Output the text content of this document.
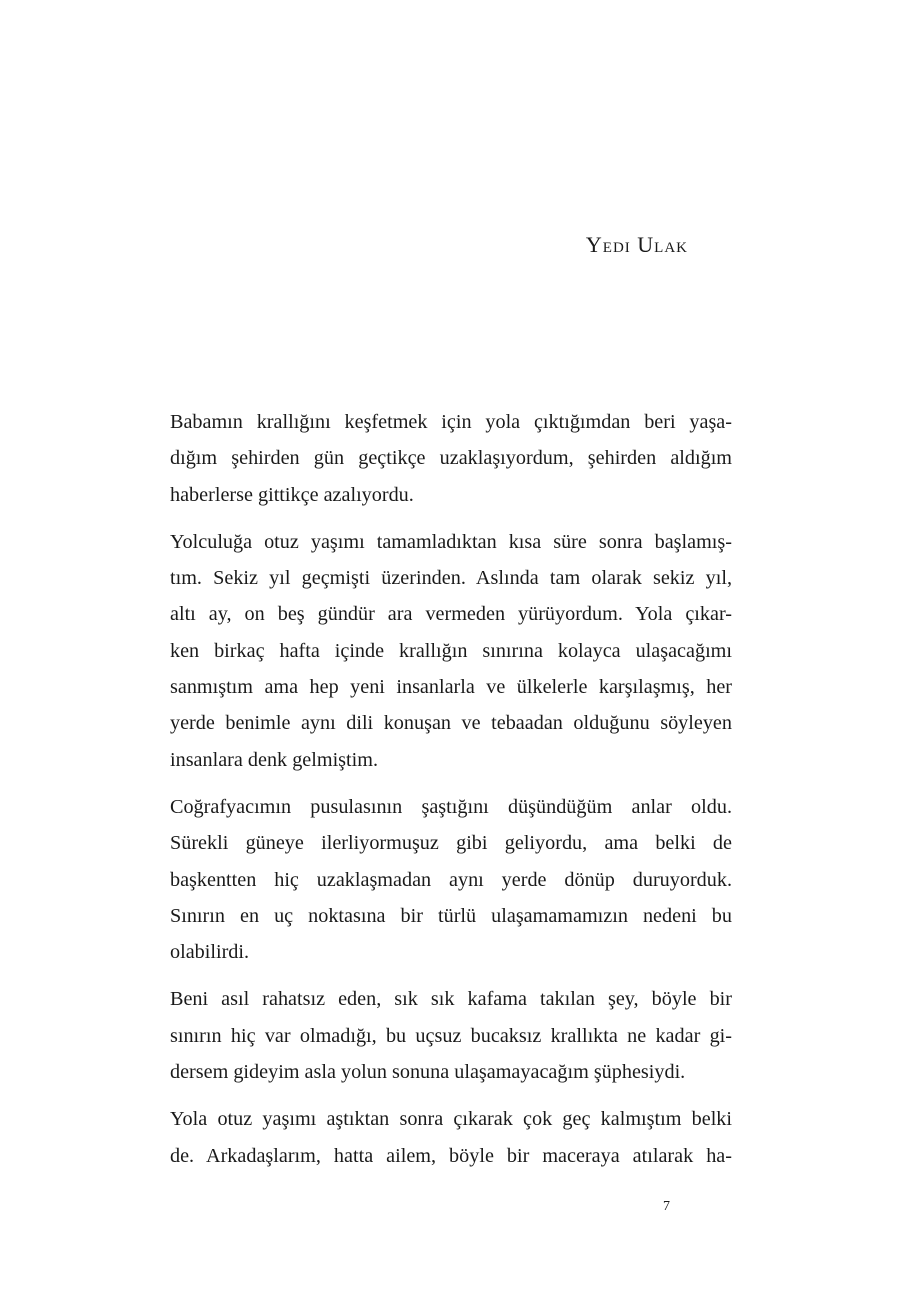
Yedi Ulak
Babamın krallığını keşfetmek için yola çıktığımdan beri yaşa-
dığım şehirden gün geçtikçe uzaklaşıyordum, şehirden aldığım
haberlerse gittikçe azalıyordu.
Yolculuğa otuz yaşımı tamamladıktan kısa süre sonra başlamış-
tım. Sekiz yıl geçmişti üzerinden. Aslında tam olarak sekiz yıl,
altı ay, on beş gündür ara vermeden yürüyordum. Yola çıkar-
ken birkaç hafta içinde krallığın sınırına kolayca ulaşacağımı
sanmıştım ama hep yeni insanlarla ve ülkelerle karşılaşmış, her
yerde benimle aynı dili konuşan ve tebaadan olduğunu söyleyen
insanlara denk gelmiştim.
Coğrafyacımın pusulasının şaştığını düşündüğüm anlar oldu.
Sürekli güneye ilerliyormuşuz gibi geliyordu, ama belki de
başkentten hiç uzaklaşmadan aynı yerde dönüp duruyorduk.
Sınırın en uç noktasına bir türlü ulaşamamamızın nedeni bu
olabilirdi.
Beni asıl rahatsız eden, sık sık kafama takılan şey, böyle bir
sınırın hiç var olmadığı, bu uçsuz bucaksız krallıkta ne kadar gi-
dersem gideyim asla yolun sonuna ulaşamayacağım şüphesiydi.
Yola otuz yaşımı aştıktan sonra çıkarak çok geç kalmıştım belki
de. Arkadaşlarım, hatta ailem, böyle bir maceraya atılarak ha-
7
